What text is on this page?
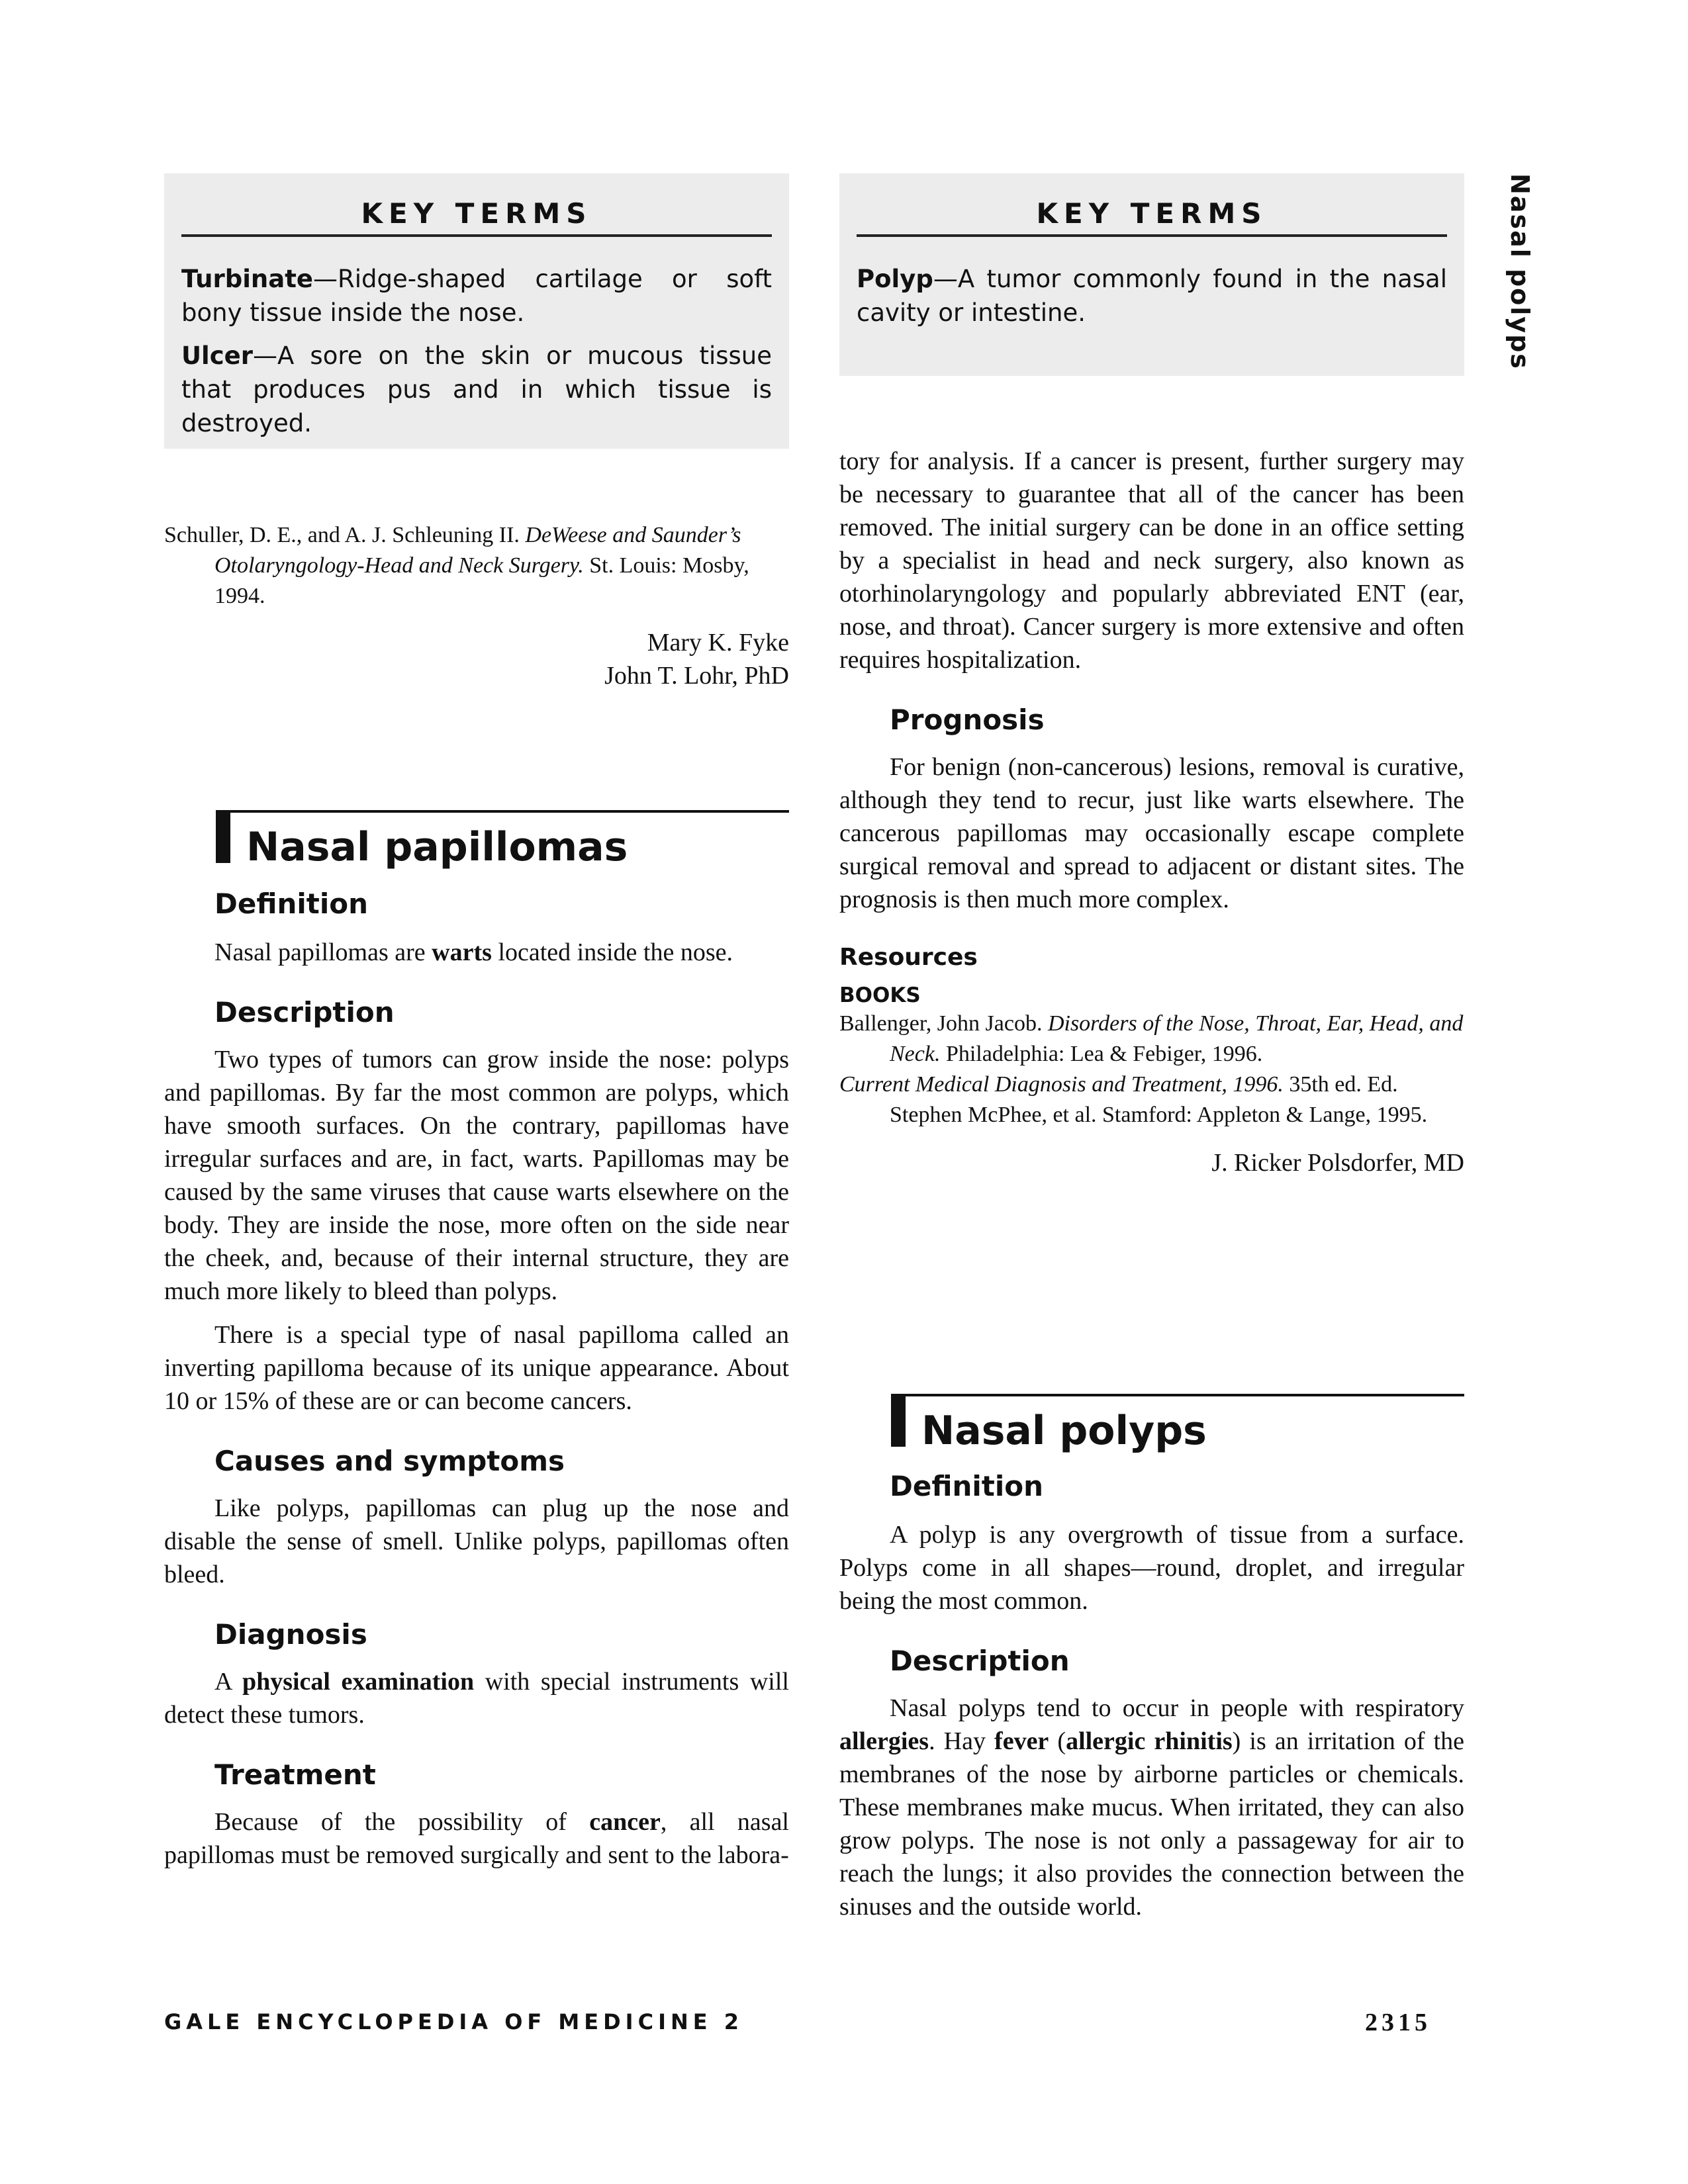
Nasal polyps
KEY TERMS

Turbinate—Ridge-shaped cartilage or soft bony tissue inside the nose.

Ulcer—A sore on the skin or mucous tissue that produces pus and in which tissue is destroyed.

KEY TERMS

Polyp—A tumor commonly found in the nasal cavity or intestine.

Schuller, D. E., and A. J. Schleuning II. DeWeese and Saunder’s Otolaryngology-Head and Neck Surgery. St. Louis: Mosby, 1994.

Mary K. Fyke

John T. Lohr, PhD

Nasal papillomas
Definition

Nasal papillomas are warts located inside the nose.

Description

Two types of tumors can grow inside the nose: polyps and papillomas. By far the most common are polyps, which have smooth surfaces. On the contrary, papillomas have irregular surfaces and are, in fact, warts. Papillomas may be caused by the same viruses that cause warts elsewhere on the body. They are inside the nose, more often on the side near the cheek, and, because of their internal structure, they are much more likely to bleed than polyps.

There is a special type of nasal papilloma called an inverting papilloma because of its unique appearance. About 10 or 15% of these are or can become cancers.

Causes and symptoms

Like polyps, papillomas can plug up the nose and disable the sense of smell. Unlike polyps, papillomas often bleed.

Diagnosis

A physical examination with special instruments will detect these tumors.

Treatment

Because of the possibility of cancer, all nasal papillomas must be removed surgically and sent to the labora-

tory for analysis. If a cancer is present, further surgery may be necessary to guarantee that all of the cancer has been removed. The initial surgery can be done in an office setting by a specialist in head and neck surgery, also known as otorhinolaryngology and popularly abbreviated ENT (ear, nose, and throat). Cancer surgery is more extensive and often requires hospitalization.

Prognosis

For benign (non-cancerous) lesions, removal is curative, although they tend to recur, just like warts elsewhere. The cancerous papillomas may occasionally escape complete surgical removal and spread to adjacent or distant sites. The prognosis is then much more complex.

Resources
BOOKS

Ballenger, John Jacob. Disorders of the Nose, Throat, Ear, Head, and Neck. Philadelphia: Lea & Febiger, 1996.

Current Medical Diagnosis and Treatment, 1996. 35th ed. Ed. Stephen McPhee, et al. Stamford: Appleton & Lange, 1995.

J. Ricker Polsdorfer, MD

Nasal polyps
Definition

A polyp is any overgrowth of tissue from a surface. Polyps come in all shapes—round, droplet, and irregular being the most common.

Description

Nasal polyps tend to occur in people with respiratory allergies. Hay fever (allergic rhinitis) is an irritation of the membranes of the nose by airborne particles or chemicals. These membranes make mucus. When irritated, they can also grow polyps. The nose is not only a passageway for air to reach the lungs; it also provides the connection between the sinuses and the outside world.

GALE ENCYCLOPEDIA OF MEDICINE 2	2315
